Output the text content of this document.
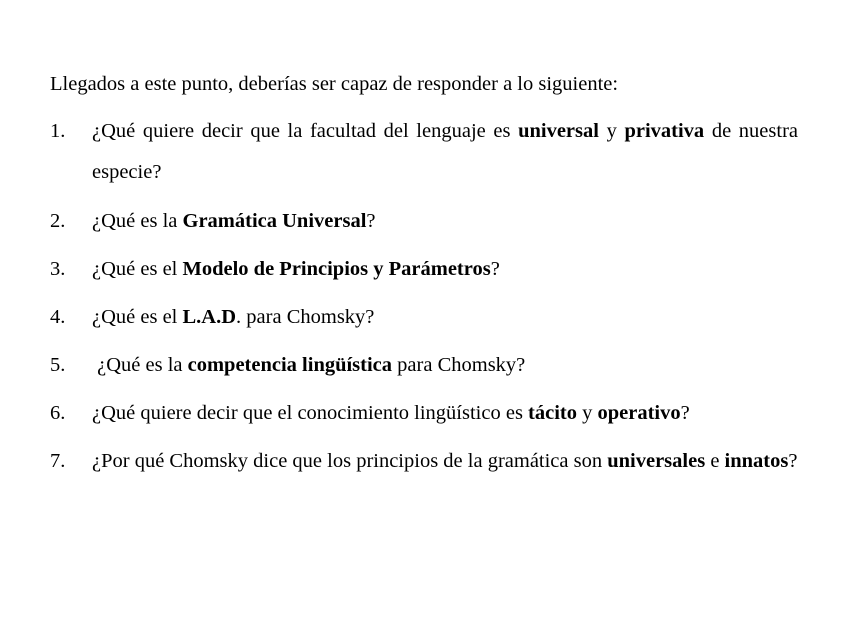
Llegados a este punto, deberías ser capaz de responder a lo siguiente:

1. ¿Qué quiere decir que la facultad del lenguaje es universal y privativa de nuestra especie?
2. ¿Qué es la Gramática Universal?
3. ¿Qué es el Modelo de Principios y Parámetros?
4. ¿Qué es el L.A.D. para Chomsky?
5. ¿Qué es la competencia lingüística para Chomsky?
6. ¿Qué quiere decir que el conocimiento lingüístico es tácito y operativo?
7. ¿Por qué Chomsky dice que los principios de la gramática son universales e innatos?
